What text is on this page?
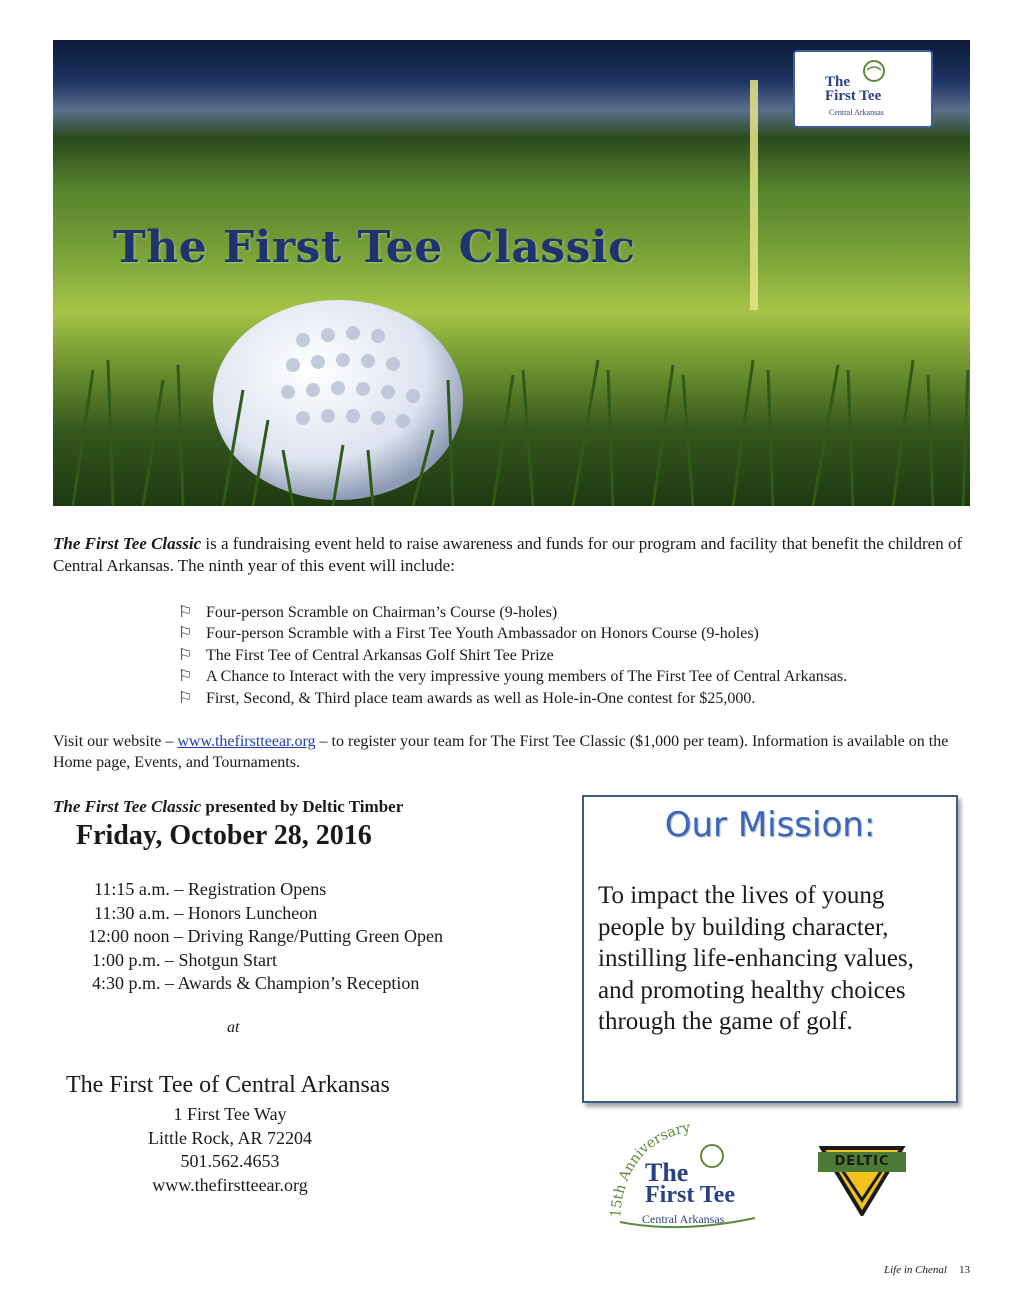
The First Tee Classic
The
First Tee
Central Arkansas
The First Tee Classic is a fundraising event held to raise awareness and funds for our program and facility that benefit the children of Central Arkansas. The ninth year of this event will include:
⚐ Four-person Scramble on Chairman’s Course (9-holes)
⚐ Four-person Scramble with a First Tee Youth Ambassador on Honors Course (9-holes)
⚐ The First Tee of Central Arkansas Golf Shirt Tee Prize
⚐ A Chance to Interact with the very impressive young members of The First Tee of Central Arkansas.
⚐ First, Second, & Third place team awards as well as Hole-in-One contest for $25,000.
Visit our website – www.thefirstteear.org – to register your team for The First Tee Classic ($1,000 per team). Information is available on the Home page, Events, and Tournaments.
The First Tee Classic presented by Deltic Timber
Friday, October 28, 2016
11:15 a.m. – Registration Opens
11:30 a.m. – Honors Luncheon
12:00 noon – Driving Range/Putting Green Open
1:00 p.m. – Shotgun Start
4:30 p.m. – Awards & Champion’s Reception
at
The First Tee of Central Arkansas
1 First Tee Way
Little Rock, AR 72204
501.562.4653
www.thefirstteear.org
Our Mission:
To impact the lives of young people by building character, instilling life-enhancing values, and promoting healthy choices through the game of golf.
15th Anniversary
The
First Tee
Central Arkansas
DELTIC
Life in Chenal 13
